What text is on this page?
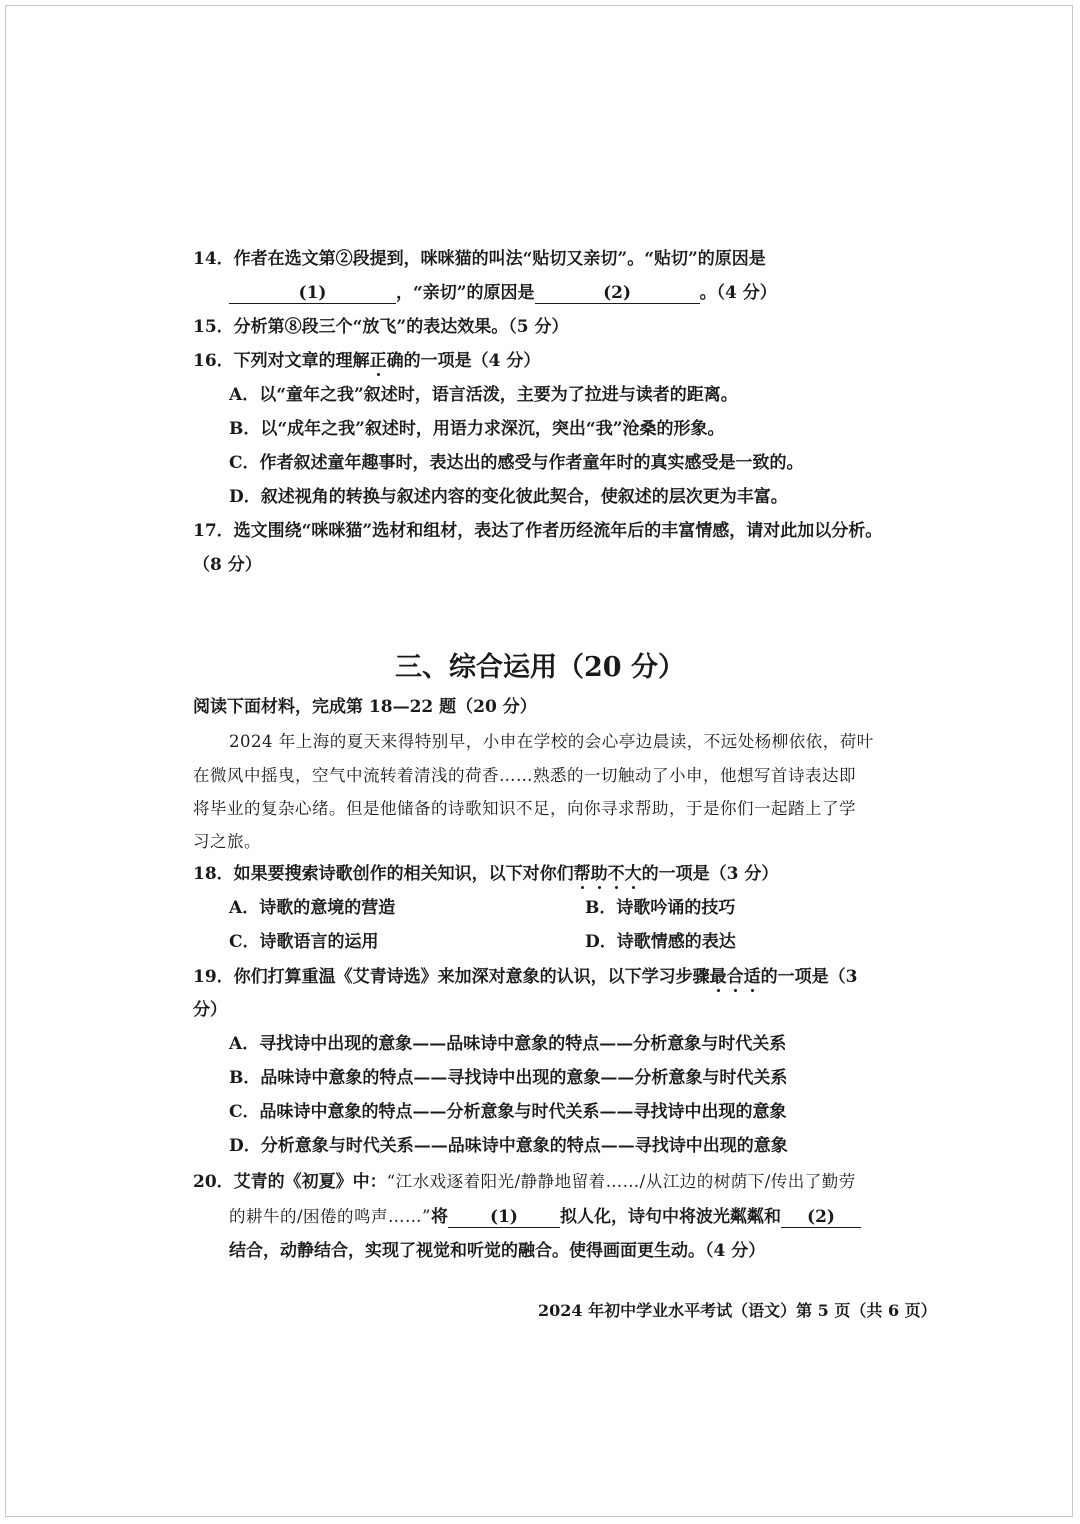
14．作者在选文第②段提到，咪咪猫的叫法“贴切又亲切”。“贴切”的原因是
(1)	，“亲切”的原因是	(2)	。（4 分）
15．分析第⑧段三个“放飞”的表达效果。（5 分）
16．下列对文章的理解正确的一项是（4 分）
A．以“童年之我”叙述时，语言活泼，主要为了拉进与读者的距离。
B．以“成年之我”叙述时，用语力求深沉，突出“我”沧桑的形象。
C．作者叙述童年趣事时，表达出的感受与作者童年时的真实感受是一致的。
D．叙述视角的转换与叙述内容的变化彼此契合，使叙述的层次更为丰富。
17．选文围绕“咪咪猫”选材和组材，表达了作者历经流年后的丰富情感，请对此加以分析。
（8 分）
三、综合运用（20 分）
阅读下面材料，完成第 18—22 题（20 分）
2024 年上海的夏天来得特别早，小申在学校的会心亭边晨读，不远处杨柳依依，荷叶
在微风中摇曳，空气中流转着清浅的荷香……熟悉的一切触动了小申，他想写首诗表达即
将毕业的复杂心绪。但是他储备的诗歌知识不足，向你寻求帮助，于是你们一起踏上了学
习之旅。
18．如果要搜索诗歌创作的相关知识，以下对你们帮助不大的一项是（3 分）
A．诗歌的意境的营造	B．诗歌吟诵的技巧
C．诗歌语言的运用	D．诗歌情感的表达
19．你们打算重温《艾青诗选》来加深对意象的认识，以下学习步骤最合适的一项是（3
分）
A．寻找诗中出现的意象——品味诗中意象的特点——分析意象与时代关系
B．品味诗中意象的特点——寻找诗中出现的意象——分析意象与时代关系
C．品味诗中意象的特点——分析意象与时代关系——寻找诗中出现的意象
D．分析意象与时代关系——品味诗中意象的特点——寻找诗中出现的意象
20．艾青的《初夏》中：“江水戏逐着阳光/静静地留着……/从江边的树荫下/传出了勤劳
的耕牛的/困倦的鸣声……”将 (1) 拟人化，诗句中将波光粼粼和 (2)
结合，动静结合，实现了视觉和听觉的融合。使得画面更生动。（4 分）
2024 年初中学业水平考试（语文）第 5 页（共 6 页）
